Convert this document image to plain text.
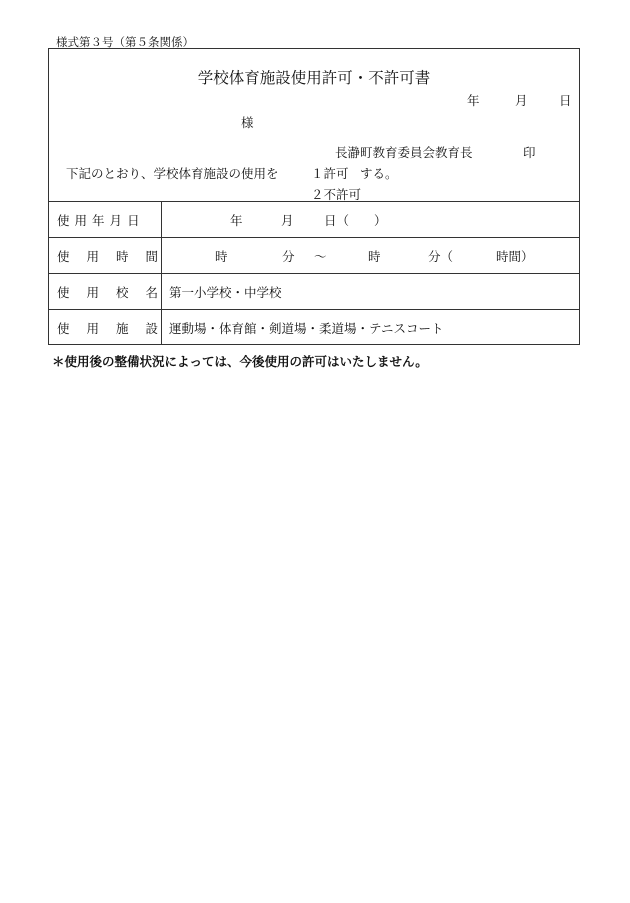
様式第３号（第５条関係）
学校体育施設使用許可・不許可書
年	月	日
様
長瀞町教育委員会教育長	印
下記のとおり、学校体育施設の使用を	１許可 する。
２不許可
使 用 年 月 日	年	月 日（ ）
使 用 時 間	時	分 ～	時	分（	時間）
使 用 校 名 第一小学校・中学校
使 用 施 設 運動場・体育館・剣道場・柔道場・テニスコート
＊使用後の整備状況によっては、今後使用の許可はいたしません。
